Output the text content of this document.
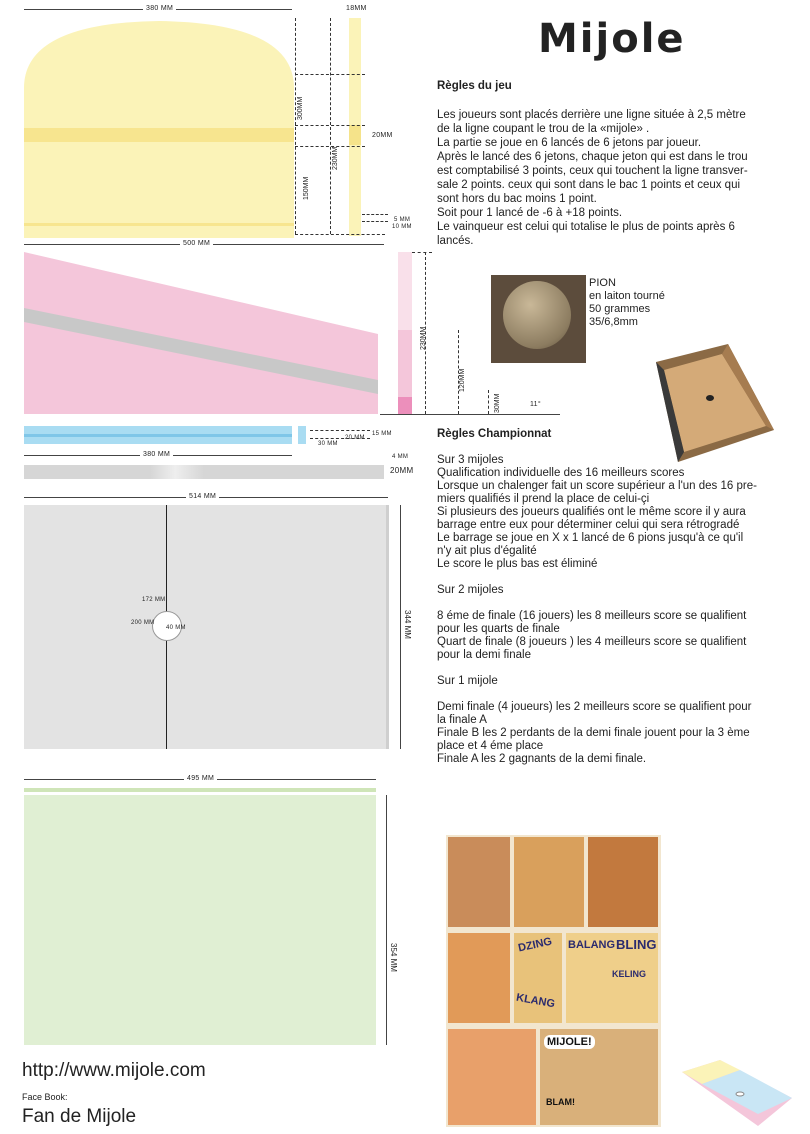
380 MM	18MM
300MM
230MM
150MM
20MM
5 MM
10 MM
Mijole
Règles du jeu
Les joueurs sont placés derrière une ligne située à 2,5 mètre
de la ligne coupant le trou de la «mijole» .
La partie se joue en 6 lancés de 6 jetons par joueur.
Après le lancé des 6 jetons, chaque jeton qui est dans le trou
est comptabilisé 3 points, ceux qui touchent la ligne transver-
sale 2 points. ceux qui sont dans le bac 1 points et ceux qui
sont hors du bac moins 1 point.
Soit pour 1 lancé de -6 à +18 points.
Le vainqueur est celui qui totalise le plus de points après 6
lancés.
500 MM
230MM
120MM
30MM	11°
PION
en laiton tourné
50 grammes
35/6,8mm
380 MM
15 MM
20 MM
30 MM
4 MM
20MM
514 MM
172 MM
200 MM
40 MM	344 MM
495 MM
354 MM
Règles Championnat
Sur 3 mijoles
Qualification individuelle des 16 meilleurs scores
Lorsque un chalenger fait un score supérieur a l'un des 16 pre-
miers qualifiés il prend la place de celui-çi
Si plusieurs des joueurs qualifiés ont le même score il y aura
barrage entre eux pour déterminer celui qui sera rétrogradé
Le barrage se joue en X x 1 lancé de 6 pions jusqu'à ce qu'il
n'y ait plus d'égalité
Le score le plus bas est éliminé
Sur 2 mijoles
8 éme de finale (16 jouers) les 8 meilleurs score se qualifient
pour les quarts de finale
Quart de finale (8 joueurs ) les 4 meilleurs score se qualifient
pour la demi finale
Sur 1 mijole
Demi finale (4 joueurs) les 2 meilleurs score se qualifient pour
la finale A
Finale B les 2 perdants de la demi finale jouent pour la 3 ème
place et 4 éme place
Finale A les 2 gagnants de la demi finale.
DZING BALANG BLING
KLANG
KELING
MIJOLE!
BLAM!
http://www.mijole.com
Face Book:
Fan de Mijole
